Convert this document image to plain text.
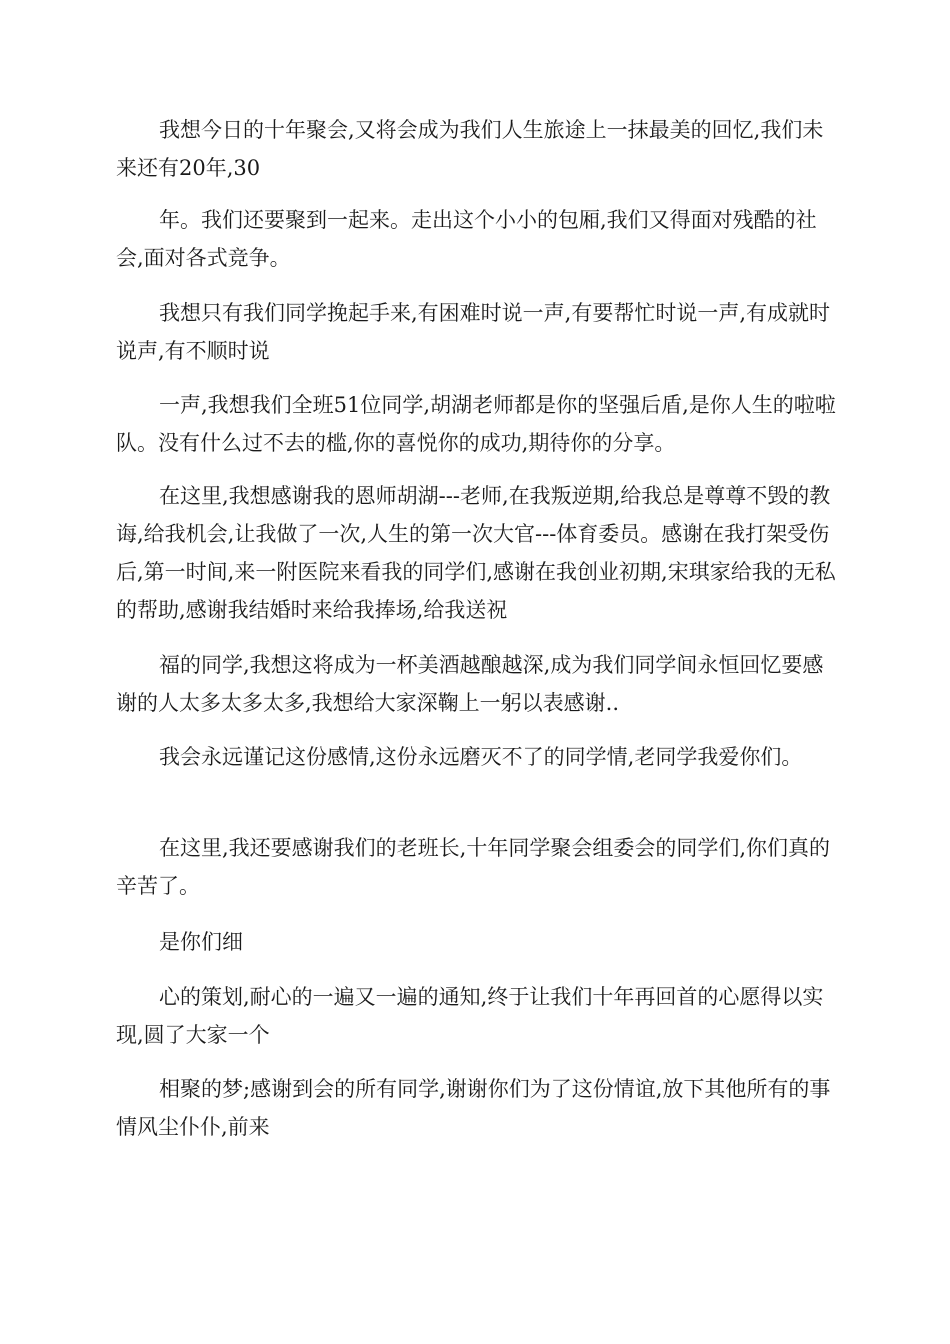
我想今日的十年聚会,又将会成为我们人生旅途上一抹最美的回忆,我们未来还有20年,30

年。我们还要聚到一起来。走出这个小小的包厢,我们又得面对残酷的社会,面对各式竞争。

我想只有我们同学挽起手来,有困难时说一声,有要帮忙时说一声,有成就时说声,有不顺时说

一声,我想我们全班51位同学,胡湖老师都是你的坚强后盾,是你人生的啦啦队。没有什么过不去的槛,你的喜悦你的成功,期待你的分享。

在这里,我想感谢我的恩师胡湖---老师,在我叛逆期,给我总是尊尊不毁的教诲,给我机会,让我做了一次,人生的第一次大官---体育委员。感谢在我打架受伤后,第一时间,来一附医院来看我的同学们,感谢在我创业初期,宋琪家给我的无私的帮助,感谢我结婚时来给我捧场,给我送祝

福的同学,我想这将成为一杯美酒越酿越深,成为我们同学间永恒回忆要感谢的人太多太多太多,我想给大家深鞠上一躬以表感谢..

我会永远谨记这份感情,这份永远磨灭不了的同学情,老同学我爱你们。

在这里,我还要感谢我们的老班长,十年同学聚会组委会的同学们,你们真的辛苦了。

是你们细

心的策划,耐心的一遍又一遍的通知,终于让我们十年再回首的心愿得以实现,圆了大家一个

相聚的梦;感谢到会的所有同学,谢谢你们为了这份情谊,放下其他所有的事情风尘仆仆,前来
